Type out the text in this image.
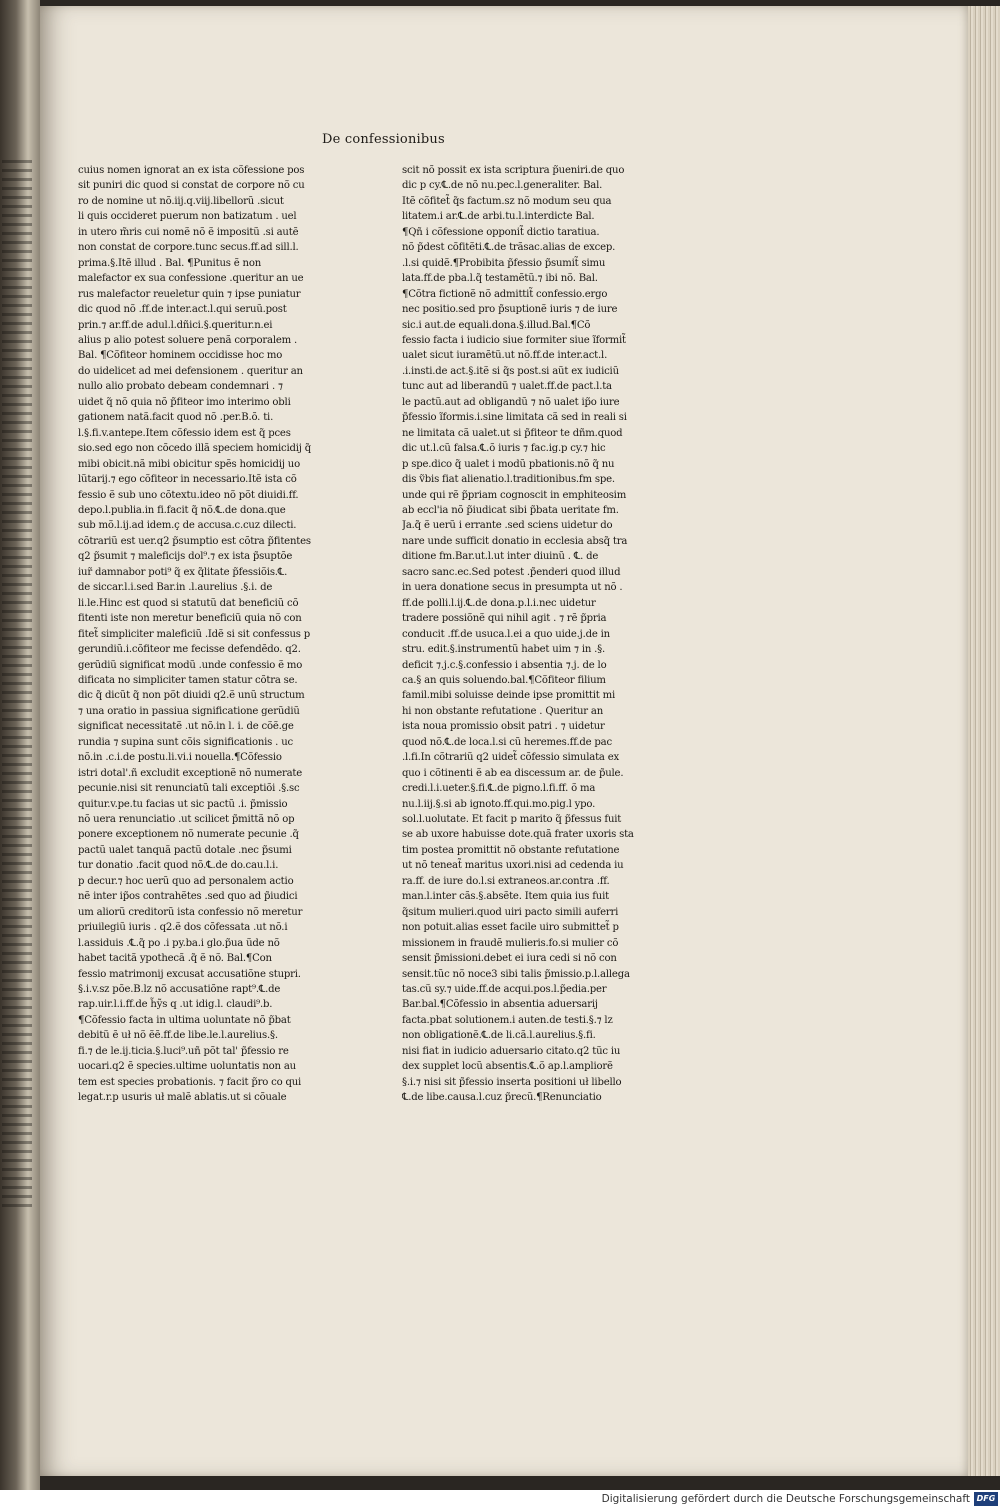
De confessionibus
cuius nomen ignorat an ex ista cõfessione pos
sit puniri dic quod si constat de corpore nõ cu
ro de nomine ut nõ.iij.q.viij.libellorũ .sicut
li quis occideret puerum non batizatum . uel
in utero m̃ris cui nomẽ nõ ẽ impositũ .si autẽ
non constat de corpore.tunc secus.ff.ad sill.l.
prima.§.Itẽ illud . Bal. ¶Punitus ẽ non
malefactor ex sua confessione .queritur an ue
rus malefactor reueletur quin ⁊ ipse puniatur
dic quod nõ .ff.de inter.act.l.qui seruũ.post
prin.⁊ ar.ff.de adul.l.dñici.§.queritur.n.ei
alius p alio potest soluere penã corporalem .
Bal. ¶Cõfiteor hominem occidisse hoc mo
do uidelicet ad mei defensionem . queritur an
nullo alio probato debeam condemnari . ⁊
uidet q̃ nõ quia nõ p̃fiteor imo interimo obli
gationem natã.facit quod nõ .per.B.õ. ti.
l.§.fi.v.antepe.Item cõfessio idem est q̃ pces
sio.sed ego non cõcedo illã speciem homicidij q̃
mibi obicit.nã mibi obicitur spẽs homicidij uo
lũtarij.⁊ ego cõfiteor in necessario.Itẽ ista cõ
fessio ẽ sub uno cõtextu.ideo nõ põt diuidi.ff.
depo.l.publia.in fi.facit q̃ nõ.℄.de dona.que
sub mõ.l.ij.ad idem.ç de accusa.c.cuz dilecti.
cõtrariũ est uer.q2 p̃sumptio est cõtra p̃fitentes
q2 p̃sumit ⁊ maleficijs dol⁹.⁊ ex ista p̃suptõe
iur̃ damnabor poti⁹ q̃ ex q̃litate p̃fessiõis.℄.
de siccar.l.i.sed Bar.in .l.aurelius .§.i. de
li.le.Hinc est quod si statutũ dat beneficiũ cõ
fitenti iste non meretur beneficiũ quia nõ con
fitet̃ simpliciter maleficiũ .Idẽ si sit confessus p
gerundiũ.i.cõfiteor me fecisse defendẽdo. q2.
gerũdiũ significat modũ .unde confessio ẽ mo
dificata no simpliciter tamen statur cõtra se.
dic q̃ dicũt q̃ non põt diuidi q2.ẽ unũ structum
⁊ una oratio in passiua significatione gerũdiũ
significat necessitatẽ .ut nõ.in l. i. de cõẽ.ge
rundia ⁊ supina sunt cõis significationis . uc
nõ.in .c.i.de postu.li.vi.i nouella.¶Cõfessio
istri dotal'.ñ excludit exceptionẽ nõ numerate
pecunie.nisi sit renunciatũ tali exceptiõi .§.sc
quitur.v.pe.tu facias ut sic pactũ .i. p̃missio
nõ uera renunciatio .ut scilicet p̃mittã nõ op
ponere exceptionem nõ numerate pecunie .q̃
pactũ ualet tanquã pactũ dotale .nec p̃sumi
tur donatio .facit quod nõ.℄.de do.cau.l.i.
p decur.⁊ hoc uerũ quo ad personalem actio
nẽ inter ip̃os contrahẽtes .sed quo ad p̃iudici
um aliorũ creditorũ ista confessio nõ meretur
priuilegiũ iuris . q2.ẽ dos cõfessata .ut nõ.i
l.assiduis .℄.q̃ po .i py.ba.i glo.p̃ua ũde nõ
habet tacitã ypothecã .q̃ ẽ nõ. Bal.¶Con
fessio matrimonij excusat accusatiõne stupri.
§.i.v.sz põe.B.lz nõ accusatiõne rapt⁹.℄.de
rap.uir.l.i.ff.de h̃ỹs q .ut idig.l. claudi⁹.b.
¶Cõfessio facta in ultima uoluntate nõ p̃bat
debitũ ẽ uł nõ ẽẽ.ff.de libe.le.l.aurelius.§.
fi.⁊ de le.ij.ticia.§.luci⁹.uñ põt tal' p̃fessio re
uocari.q2 ẽ species.ultime uoluntatis non au
tem est species probationis. ⁊ facit p̃ro co qui
legat.r.p usuris uł malẽ ablatis.ut si cõuale
scit nõ possit ex ista scriptura p̃ueniri.de quo
dic p cy.℄.de nõ nu.pec.l.generaliter. Bal.
Itẽ cõfitet̃ q̃s factum.sz nõ modum seu qua
litatem.i ar.℄.de arbi.tu.l.interdicte Bal.
¶Qñ i cõfessione opponit̃ dictio taratiua.
nõ p̃dest cõfitẽti.℄.de trãsac.alias de excep.
.l.si quidẽ.¶Probibita p̃fessio p̃sumit̃ simu
lata.ff.de pba.l.q̃ testamẽtũ.⁊ ibi nõ. Bal.
¶Cõtra fictionẽ nõ admittit̃ confessio.ergo
nec positio.sed pro p̃suptionẽ iuris ⁊ de iure
sic.i aut.de equali.dona.§.illud.Bal.¶Cõ
fessio facta i iudicio siue formiter siue ĩformit̃
ualet sicut iuramẽtũ.ut nõ.ff.de inter.act.l.
.i.insti.de act.§.itẽ si q̃s post.si aũt ex iudiciũ
tunc aut ad liberandũ ⁊ ualet.ff.de pact.l.ta
le pactũ.aut ad obligandũ ⁊ nõ ualet ip̃o iure
p̃fessio ĩformis.i.sine limitata cã sed in reali si
ne limitata cã ualet.ut si p̃fiteor te dñm.quod
dic ut.l.cũ falsa.℄.õ iuris ⁊ fac.ig.p cy.⁊ hic
p spe.dico q̃ ualet i modũ pbationis.nõ q̃ nu
dis ṽbis fiat alienatio.l.traditionibus.fm spe.
unde qui rẽ p̃priam cognoscit in emphiteosim
ab eccl'ia nõ p̃iudicat sibi p̃bata ueritate fm.
Ja.q̃ ẽ uerũ i errante .sed sciens uidetur do
nare unde sufficit donatio in ecclesia absq̃ tra
ditione fm.Bar.ut.l.ut inter diuinũ . ℄. de
sacro sanc.ec.Sed potest .p̃enderi quod illud
in uera donatione secus in presumpta ut nõ .
ff.de polli.l.ij.℄.de dona.p.l.i.nec uidetur
tradere possiõnẽ qui nihil agit . ⁊ rẽ p̃pria
conducit .ff.de usuca.l.ei a quo uide.j.de in
stru. edit.§.instrumentũ habet uim ⁊ in .§.
deficit ⁊.j.c.§.confessio i absentia ⁊.j. de lo
ca.§ an quis soluendo.bal.¶Cõfiteor filium
famil.mibi soluisse deinde ipse promittit mi
hi non obstante refutatione . Queritur an
ista noua promissio obsit patri . ⁊ uidetur
quod nõ.℄.de loca.l.si cũ heremes.ff.de pac
.l.fi.In cõtrariũ q2 uidet̃ cõfessio simulata ex
quo i cõtinenti ẽ ab ea discessum ar. de p̃ule.
credi.l.i.ueter.§.fi.℄.de pigno.l.fi.ff. õ ma
nu.l.iij.§.si ab ignoto.ff.qui.mo.pig.l ypo.
sol.l.uolutate. Et facit p marito q̃ p̃fessus fuit
se ab uxore habuisse dote.quã frater uxoris sta
tim postea promittit nõ obstante refutatione
ut nõ teneat̃ maritus uxori.nisi ad cedenda iu
ra.ff. de iure do.l.si extraneos.ar.contra .ff.
man.l.inter cãs.§.absẽte. Item quia ius fuit
q̃situm mulieri.quod uiri pacto simili auferri
non potuit.alias esset facile uiro submittet̃ p
missionem in fraudẽ mulieris.fo.si mulier cõ
sensit p̃missioni.debet ei iura cedi si nõ con
sensit.tũc nõ noce3 sibi talis p̃missio.p.l.allega
tas.cũ sy.⁊ uide.ff.de acqui.pos.l.p̃edia.per
Bar.bal.¶Cõfessio in absentia aduersarij
facta.pbat solutionem.i auten.de testi.§.⁊ lz
non obligationẽ.℄.de li.cã.l.aurelius.§.fi.
nisi fiat in iudicio aduersario citato.q2 tũc iu
dex supplet locũ absentis.℄.õ ap.l.ampliorẽ
§.i.⁊ nisi sit p̃fessio inserta positioni uł libello
℄.de libe.causa.l.cuz p̃recũ.¶Renunciatio
Digitalisierung gefördert durch die Deutsche Forschungsgemeinschaft DFG
